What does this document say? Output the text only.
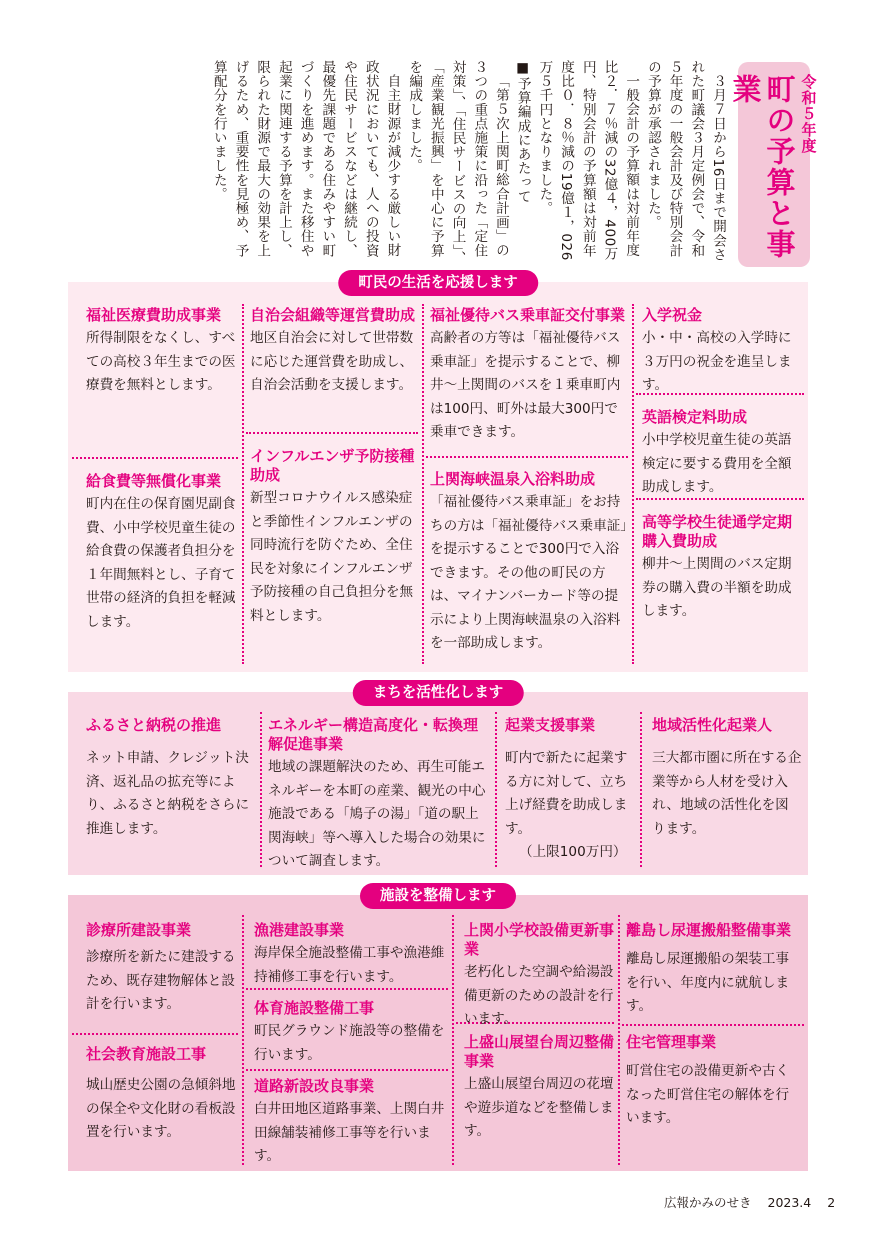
令和５年度
町の予算と事業

３月７日から16日まで開会された町議会３月定例会で、令和５年度の一般会計及び特別会計の予算が承認されました。

一般会計の予算額は対前年度比２．７％減の32億４，400万円、特別会計の予算額は対前年度比０．８％減の19億１，026万５千円となりました。

■予算編成にあたって

「第５次上関町総合計画」の３つの重点施策に沿った「定住対策」、「住民サービスの向上」、「産業観光振興」を中心に予算を編成しました。

自主財源が減少する厳しい財政状況においても、人への投資や住民サービスなどは継続し、最優先課題である住みやすい町づくりを進めます。また移住や起業に関連する予算を計上し、限られた財源で最大の効果を上げるため、重要性を見極め、予算配分を行いました。

町民の生活を応援します
福祉医療費助成事業
所得制限をなくし、すべての高校３年生までの医療費を無料とします。
給食費等無償化事業
町内在住の保育園児副食費、小中学校児童生徒の給食費の保護者負担分を１年間無料とし、子育て世帯の経済的負担を軽減します。
自治会組織等運営費助成
地区自治会に対して世帯数に応じた運営費を助成し、自治会活動を支援します。
インフルエンザ予防接種助成
新型コロナウイルス感染症と季節性インフルエンザの同時流行を防ぐため、全住民を対象にインフルエンザ予防接種の自己負担分を無料とします。
福祉優待バス乗車証交付事業
高齢者の方等は「福祉優待バス乗車証」を提示することで、柳井～上関間のバスを１乗車町内は100円、町外は最大300円で乗車できます。
上関海峡温泉入浴料助成
「福祉優待バス乗車証」をお持ちの方は「福祉優待バス乗車証」を提示することで300円で入浴できます。その他の町民の方は、マイナンバーカード等の提示により上関海峡温泉の入浴料を一部助成します。
入学祝金
小・中・高校の入学時に３万円の祝金を進呈します。
英語検定料助成
小中学校児童生徒の英語検定に要する費用を全額助成します。
高等学校生徒通学定期購入費助成
柳井～上関間のバス定期券の購入費の半額を助成します。
まちを活性化します
ふるさと納税の推進
ネット申請、クレジット決済、返礼品の拡充等により、ふるさと納税をさらに推進します。
エネルギー構造高度化・転換理解促進事業
地域の課題解決のため、再生可能エネルギーを本町の産業、観光の中心施設である「鳩子の湯」「道の駅上関海峡」等へ導入した場合の効果について調査します。
起業支援事業
町内で新たに起業する方に対して、立ち上げ経費を助成します。
（上限100万円）
地域活性化起業人
三大都市圏に所在する企業等から人材を受け入れ、地域の活性化を図ります。
施設を整備します
診療所建設事業
診療所を新たに建設するため、既存建物解体と設計を行います。
社会教育施設工事
城山歴史公園の急傾斜地の保全や文化財の看板設置を行います。
漁港建設事業
海岸保全施設整備工事や漁港維持補修工事を行います。
体育施設整備工事
町民グラウンド施設等の整備を行います。
道路新設改良事業
白井田地区道路事業、上関白井田線舗装補修工事等を行います。
上関小学校設備更新事業
老朽化した空調や給湯設備更新のための設計を行います。
上盛山展望台周辺整備事業
上盛山展望台周辺の花壇や遊歩道などを整備します。
離島し尿運搬船整備事業
離島し尿運搬船の架装工事を行い、年度内に就航します。
住宅管理事業
町営住宅の設備更新や古くなった町営住宅の解体を行います。
広報かみのせき 2023.4 2
